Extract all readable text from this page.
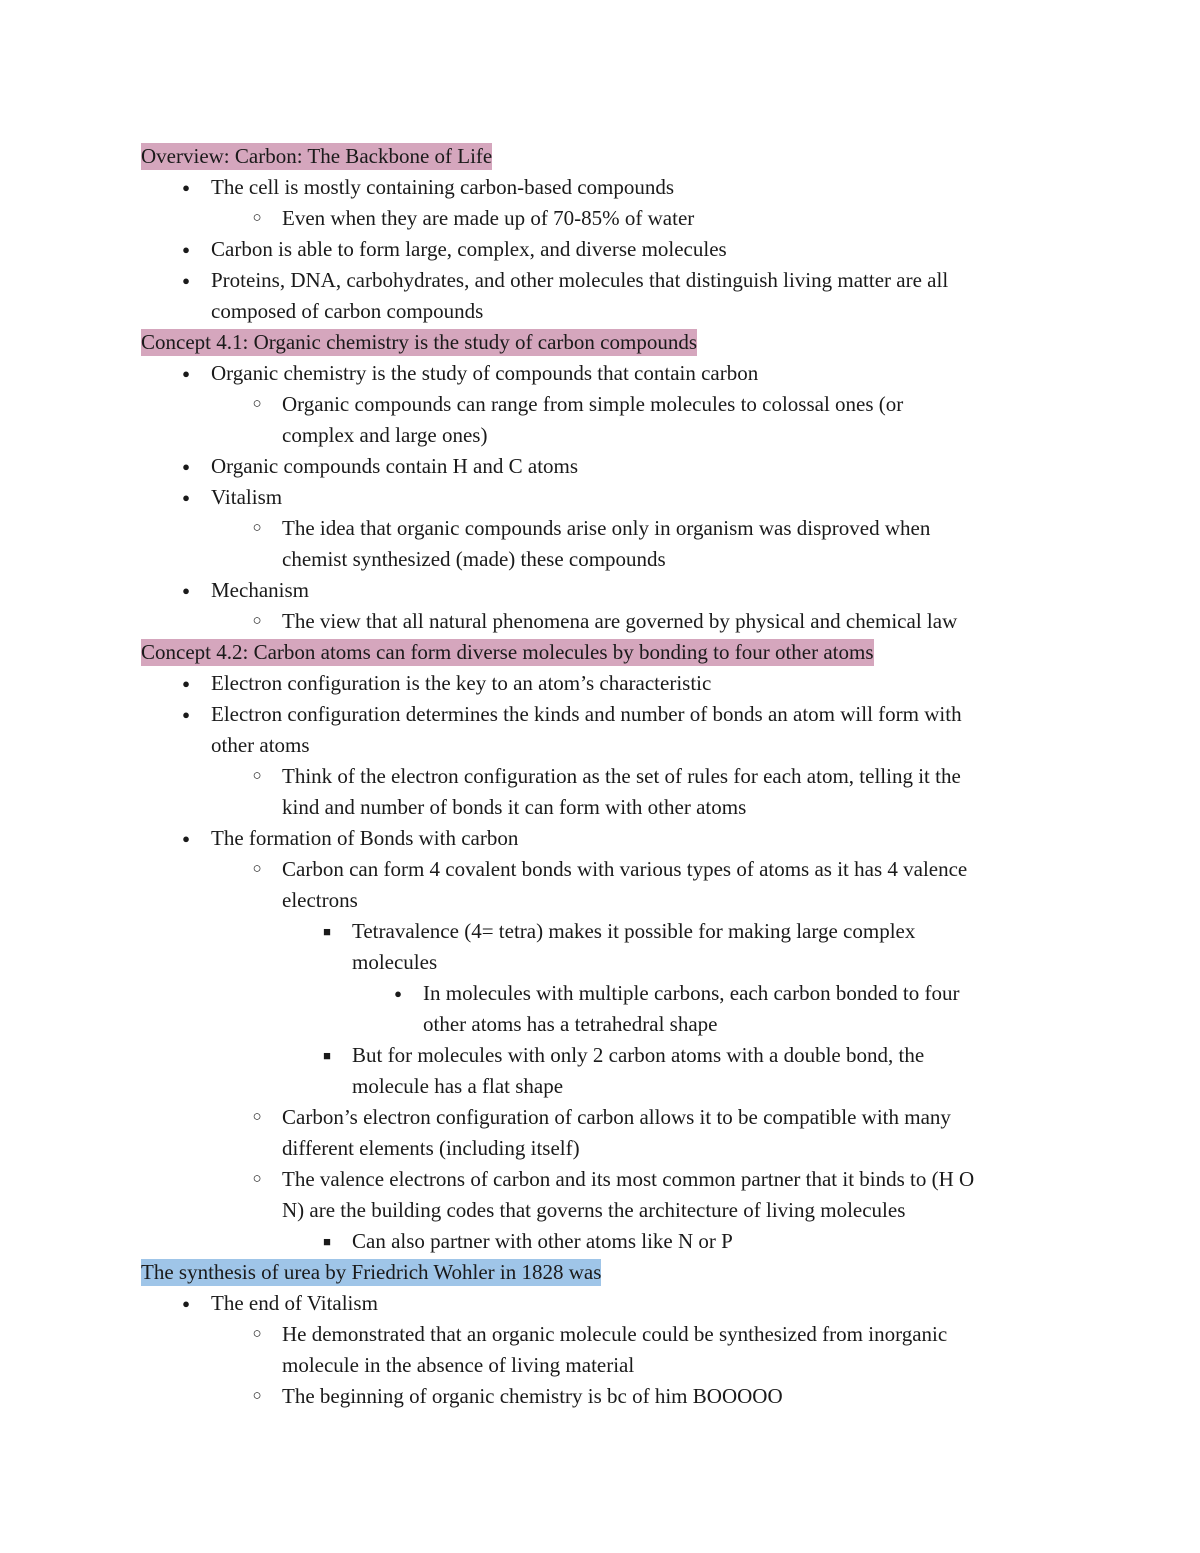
Overview: Carbon: The Backbone of Life
● The cell is mostly containing carbon-based compounds
○ Even when they are made up of 70-85% of water
● Carbon is able to form large, complex, and diverse molecules
● Proteins, DNA, carbohydrates, and other molecules that distinguish living matter are all
composed of carbon compounds
Concept 4.1: Organic chemistry is the study of carbon compounds
● Organic chemistry is the study of compounds that contain carbon
○ Organic compounds can range from simple molecules to colossal ones (or
complex and large ones)
● Organic compounds contain H and C atoms
● Vitalism
○ The idea that organic compounds arise only in organism was disproved when
chemist synthesized (made) these compounds
● Mechanism
○ The view that all natural phenomena are governed by physical and chemical law
Concept 4.2: Carbon atoms can form diverse molecules by bonding to four other atoms
● Electron configuration is the key to an atom’s characteristic
● Electron configuration determines the kinds and number of bonds an atom will form with
other atoms
○ Think of the electron configuration as the set of rules for each atom, telling it the
kind and number of bonds it can form with other atoms
● The formation of Bonds with carbon
○ Carbon can form 4 covalent bonds with various types of atoms as it has 4 valence
electrons
■ Tetravalence (4= tetra) makes it possible for making large complex
molecules
● In molecules with multiple carbons, each carbon bonded to four
other atoms has a tetrahedral shape
■ But for molecules with only 2 carbon atoms with a double bond, the
molecule has a flat shape
○ Carbon’s electron configuration of carbon allows it to be compatible with many
different elements (including itself)
○ The valence electrons of carbon and its most common partner that it binds to (H O
N) are the building codes that governs the architecture of living molecules
■ Can also partner with other atoms like N or P
The synthesis of urea by Friedrich Wohler in 1828 was
● The end of Vitalism
○ He demonstrated that an organic molecule could be synthesized from inorganic
molecule in the absence of living material
○ The beginning of organic chemistry is bc of him BOOOOO
